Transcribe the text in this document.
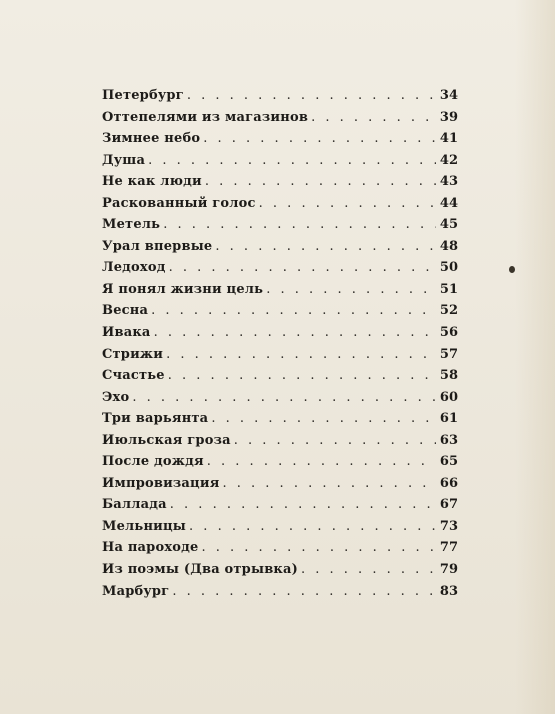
Петербург . . .	34
Оттепелями из магазинов . . .	39
Зимнее небо . . .	41
Душа . . .	42
Не как люди . . .	43
Раскованный голос . . .	44
Метель . . .	45
Урал впервые . . .	48
Ледоход . . .	50
Я понял жизни цель . . .	51
Весна . . .	52
Ивака . . .	56
Стрижи . . .	57
Счастье . . .	58
Эхо . . .	60
Три варьянта . . .	61
Июльская гроза . . .	63
После дождя . . .	65
Импровизация . . .	66
Баллада . . .	67
Мельницы . . .	73
На пароходе . . .	77
Из поэмы (Два отрывка) . . .	79
Марбург . . .	83
